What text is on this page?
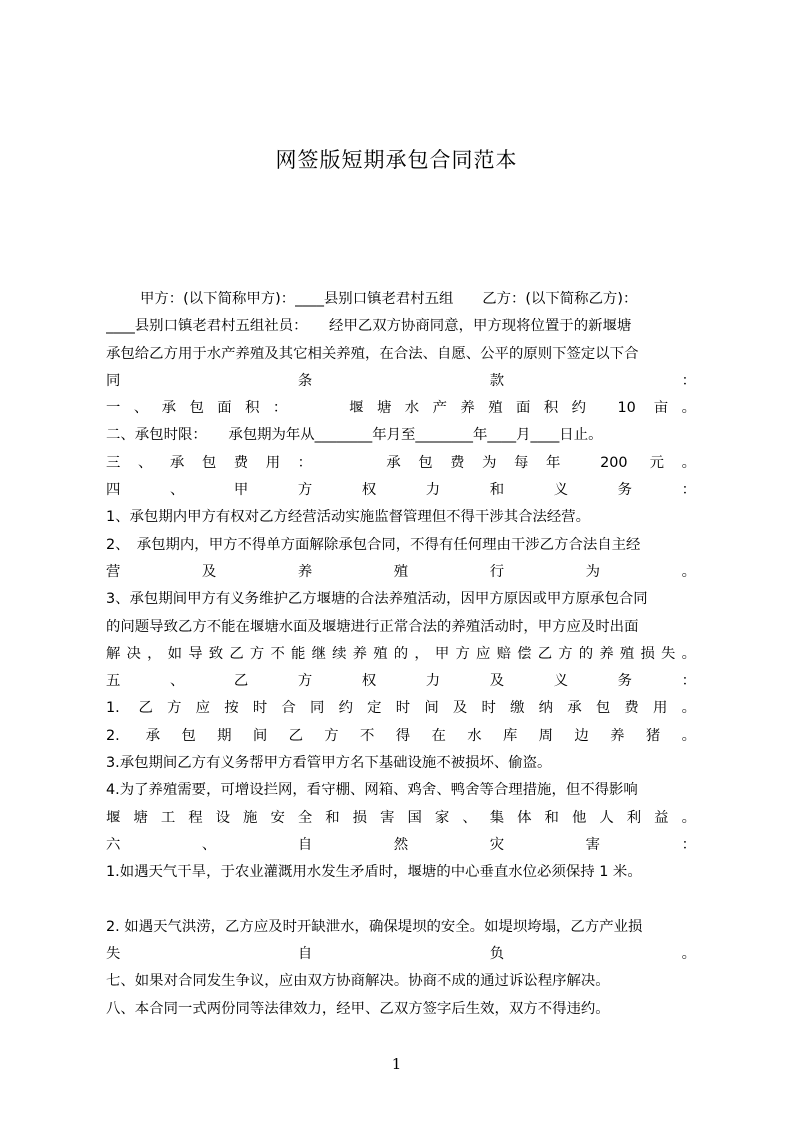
网签版短期承包合同范本
甲方：(以下简称甲方)：____县别口镇老君村五组　　乙方：(以下简称乙方)：
____县别口镇老君村五组社员：　　经甲乙双方协商同意，甲方现将位置于的新堰塘
承包给乙方用于水产养殖及其它相关养殖，在合法、自愿、公平的原则下签定以下合
同 条 款 ：
一、承包面积：　　堰塘水产养殖面积约 10 亩。
二、承包时限：　　承包期为年从________年月至________年____月____日止。
三、承包费用：　　承包费为每年 200 元。
四 、 甲 方 权 力 和 义 务 ：
1、承包期内甲方有权对乙方经营活动实施监督管理但不得干涉其合法经营。
2、　承包期内，甲方不得单方面解除承包合同，不得有任何理由干涉乙方合法自主经
营 及 养 殖 行 为 。
3、承包期间甲方有义务维护乙方堰塘的合法养殖活动，因甲方原因或甲方原承包合同
的问题导致乙方不能在堰塘水面及堰塘进行正常合法的养殖活动时，甲方应及时出面
解决，如导致乙方不能继续养殖的，甲方应赔偿乙方的养殖损失。
五 、 乙 方 权 力 及 义 务 ：
1. 乙方应按时合同约定时间及时缴纳承包费用。
2. 承包期间乙方不得在水库周边养猪。
3.承包期间乙方有义务帮甲方看管甲方名下基础设施不被损坏、偷盗。
4.为了养殖需要，可增设拦网，看守棚、网箱、鸡舍、鸭舍等合理措施，但不得影响
堰塘工程设施安全和损害国家、集体和他人利益。
六 、 自 然 灾 害 ：
1.如遇天气干旱，于农业灌溉用水发生矛盾时，堰塘的中心垂直水位必须保持 1 米。
2. 如遇天气洪涝，乙方应及时开缺泄水，确保堤坝的安全。如堤坝垮塌，乙方产业损
失 自 负 。
七、如果对合同发生争议，应由双方协商解决。协商不成的通过诉讼程序解决。
八、本合同一式两份同等法律效力，经甲、乙双方签字后生效，双方不得违约。
1
